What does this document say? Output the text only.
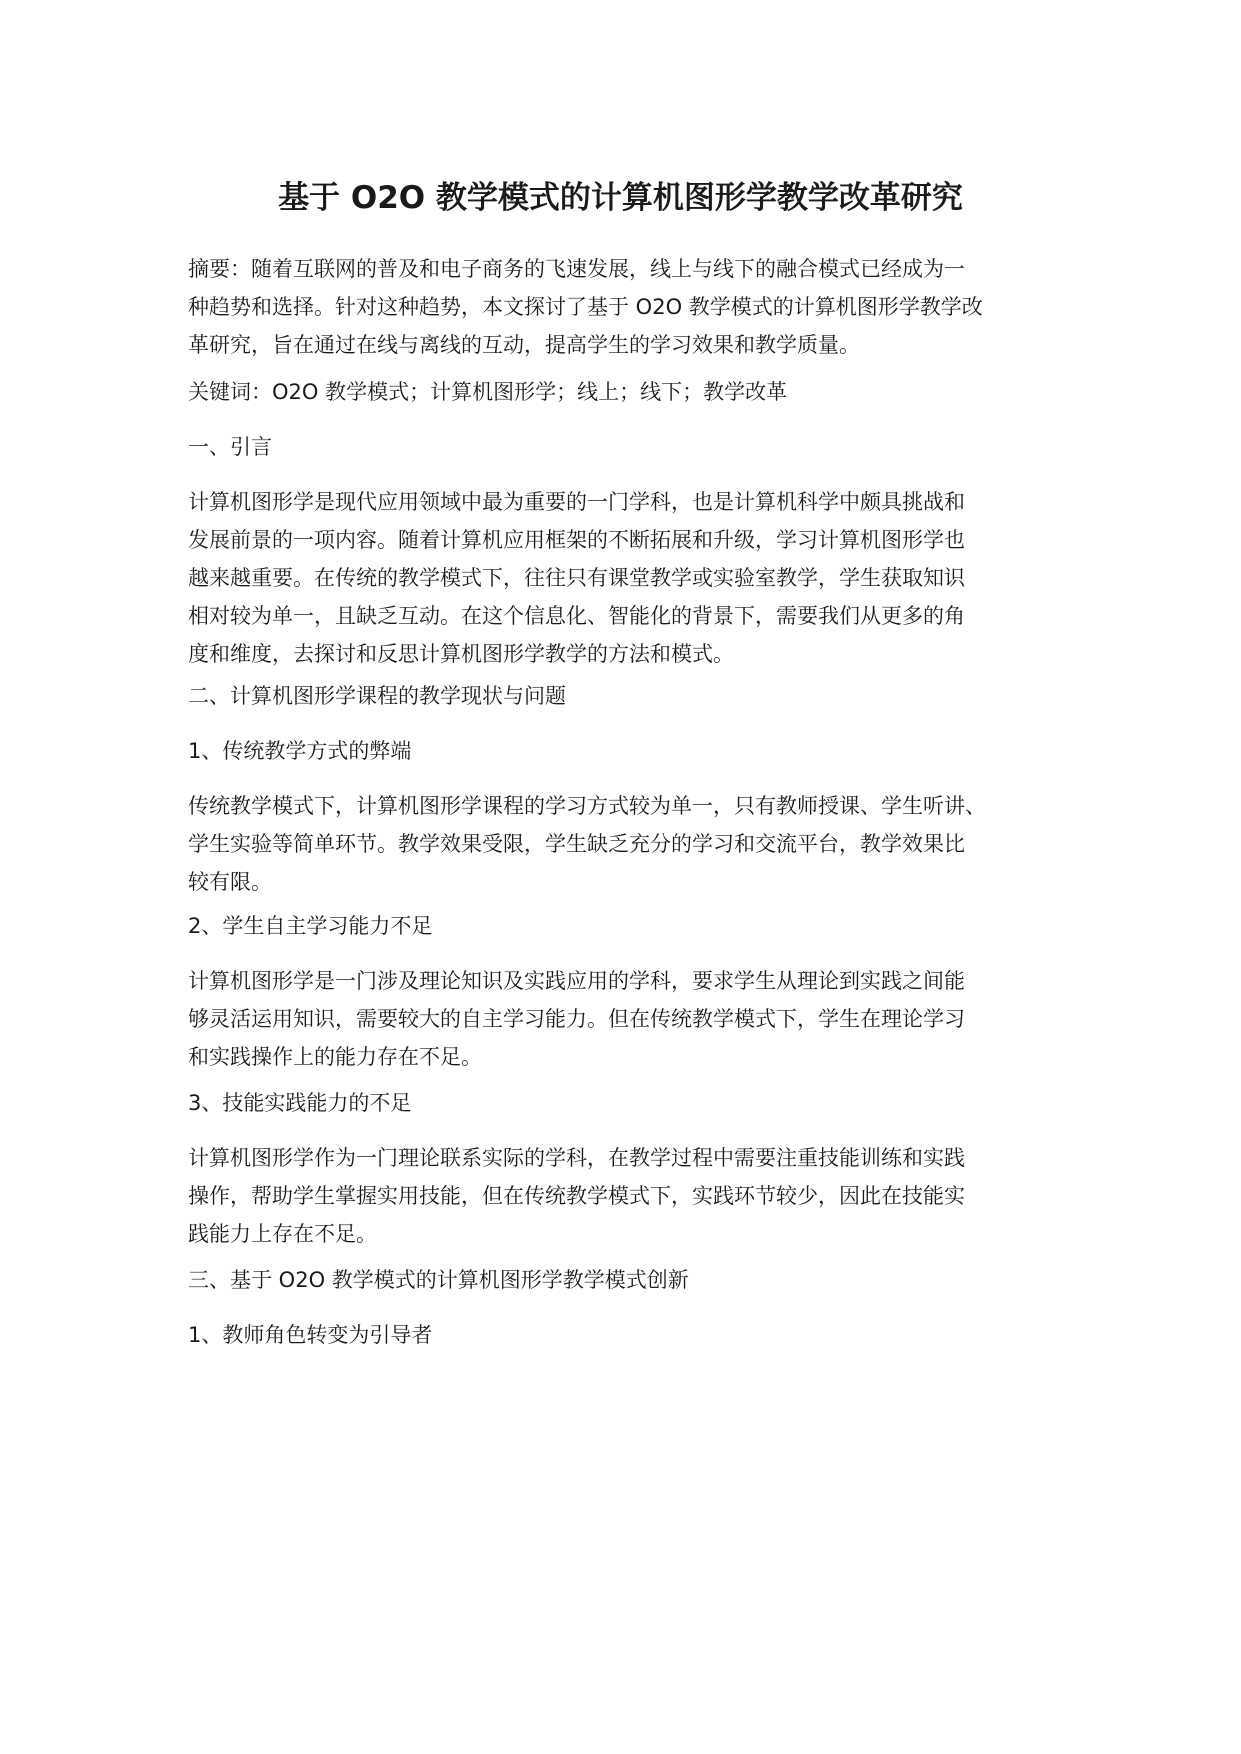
基于 O2O 教学模式的计算机图形学教学改革研究

摘要：随着互联网的普及和电子商务的飞速发展，线上与线下的融合模式已经成为一
种趋势和选择。针对这种趋势，本文探讨了基于 O2O 教学模式的计算机图形学教学改
革研究，旨在通过在线与离线的互动，提高学生的学习效果和教学质量。

关键词：O2O 教学模式；计算机图形学；线上；线下；教学改革

一、引言

计算机图形学是现代应用领域中最为重要的一门学科，也是计算机科学中颇具挑战和
发展前景的一项内容。随着计算机应用框架的不断拓展和升级，学习计算机图形学也
越来越重要。在传统的教学模式下，往往只有课堂教学或实验室教学，学生获取知识
相对较为单一，且缺乏互动。在这个信息化、智能化的背景下，需要我们从更多的角
度和维度，去探讨和反思计算机图形学教学的方法和模式。

二、计算机图形学课程的教学现状与问题

1、传统教学方式的弊端

传统教学模式下，计算机图形学课程的学习方式较为单一，只有教师授课、学生听讲、
学生实验等简单环节。教学效果受限，学生缺乏充分的学习和交流平台，教学效果比
较有限。

2、学生自主学习能力不足

计算机图形学是一门涉及理论知识及实践应用的学科，要求学生从理论到实践之间能
够灵活运用知识，需要较大的自主学习能力。但在传统教学模式下，学生在理论学习
和实践操作上的能力存在不足。

3、技能实践能力的不足

计算机图形学作为一门理论联系实际的学科，在教学过程中需要注重技能训练和实践
操作，帮助学生掌握实用技能，但在传统教学模式下，实践环节较少，因此在技能实
践能力上存在不足。

三、基于 O2O 教学模式的计算机图形学教学模式创新

1、教师角色转变为引导者
